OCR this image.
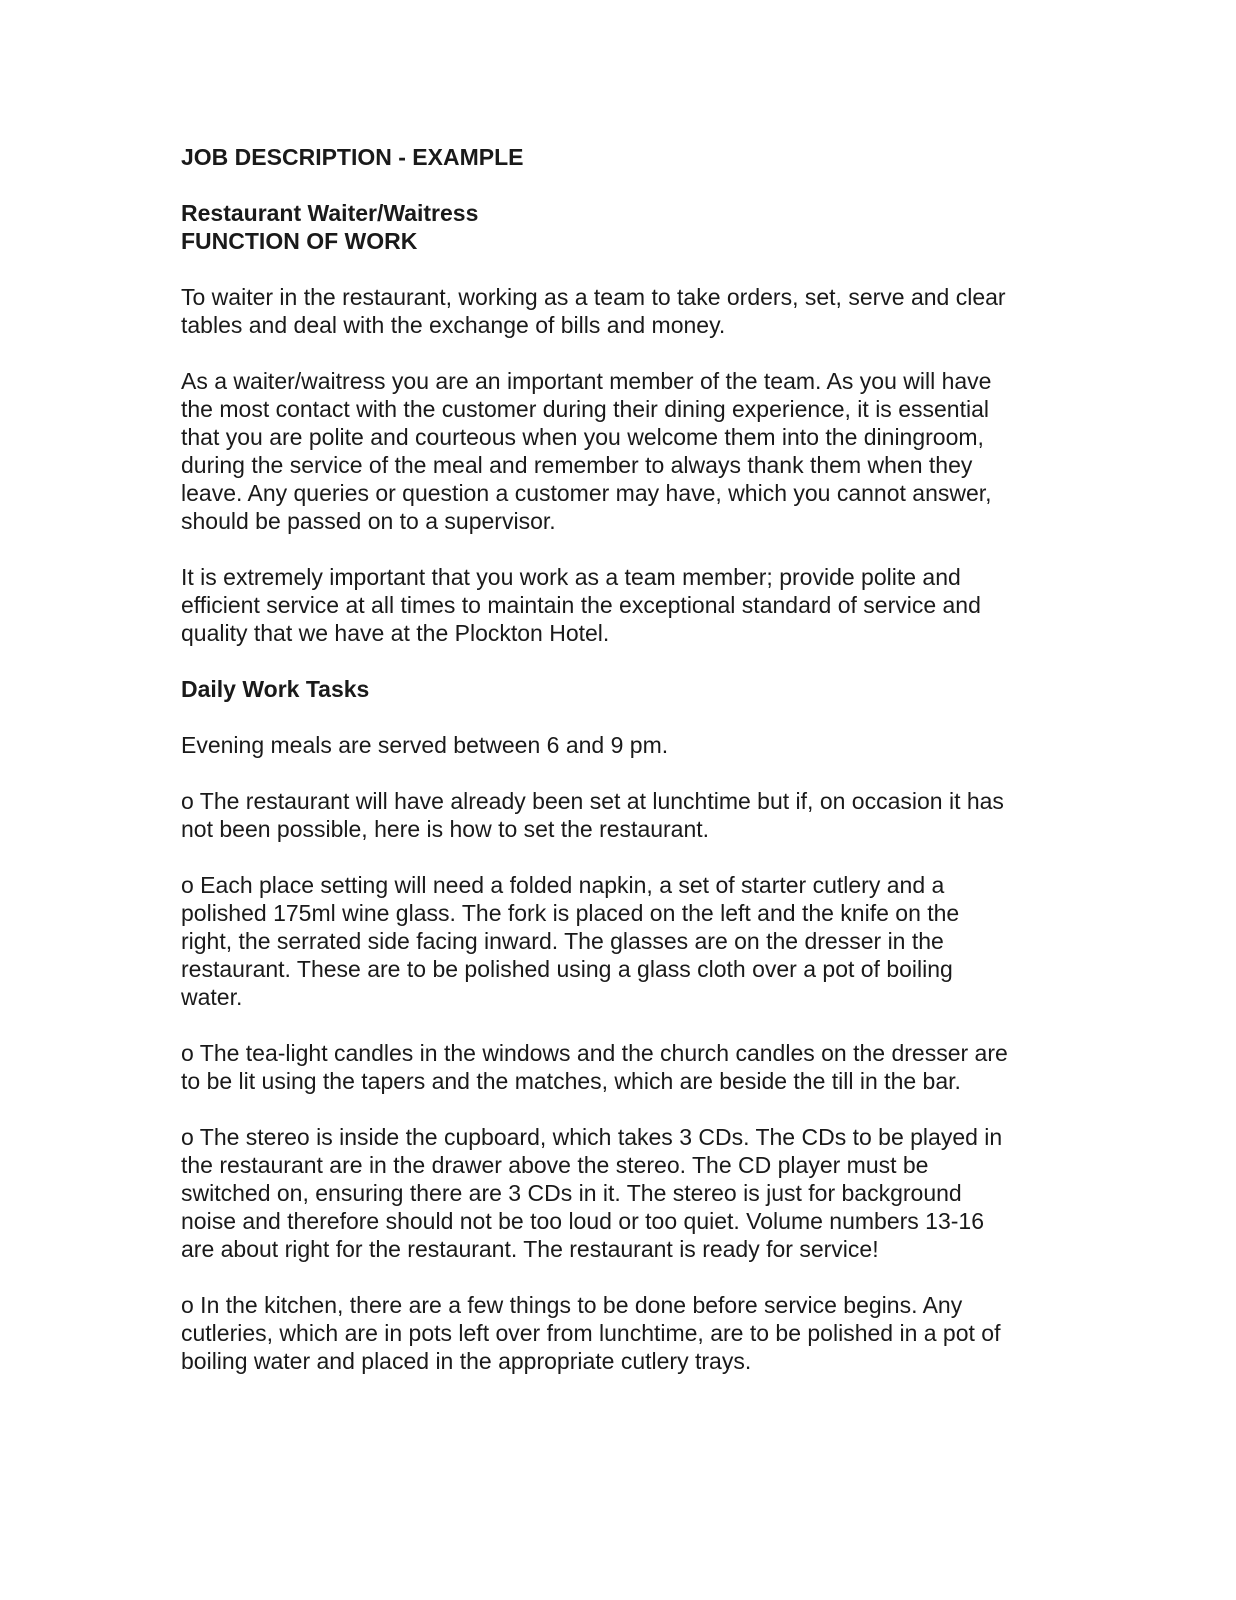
JOB DESCRIPTION - EXAMPLE

Restaurant Waiter/Waitress

FUNCTION OF WORK

To waiter in the restaurant, working as a team to take orders, set, serve and clear
tables and deal with the exchange of bills and money.

As a waiter/waitress you are an important member of the team. As you will have
the most contact with the customer during their dining experience, it is essential
that you are polite and courteous when you welcome them into the diningroom,
during the service of the meal and remember to always thank them when they
leave. Any queries or question a customer may have, which you cannot answer,
should be passed on to a supervisor.

It is extremely important that you work as a team member; provide polite and
efficient service at all times to maintain the exceptional standard of service and
quality that we have at the Plockton Hotel.

Daily Work Tasks

Evening meals are served between 6 and 9 pm.

o The restaurant will have already been set at lunchtime but if, on occasion it has
not been possible, here is how to set the restaurant.

o Each place setting will need a folded napkin, a set of starter cutlery and a
polished 175ml wine glass. The fork is placed on the left and the knife on the
right, the serrated side facing inward. The glasses are on the dresser in the
restaurant. These are to be polished using a glass cloth over a pot of boiling
water.

o The tea-light candles in the windows and the church candles on the dresser are
to be lit using the tapers and the matches, which are beside the till in the bar.

o The stereo is inside the cupboard, which takes 3 CDs. The CDs to be played in
the restaurant are in the drawer above the stereo. The CD player must be
switched on, ensuring there are 3 CDs in it. The stereo is just for background
noise and therefore should not be too loud or too quiet. Volume numbers 13-16
are about right for the restaurant. The restaurant is ready for service!

o In the kitchen, there are a few things to be done before service begins. Any
cutleries, which are in pots left over from lunchtime, are to be polished in a pot of
boiling water and placed in the appropriate cutlery trays.
